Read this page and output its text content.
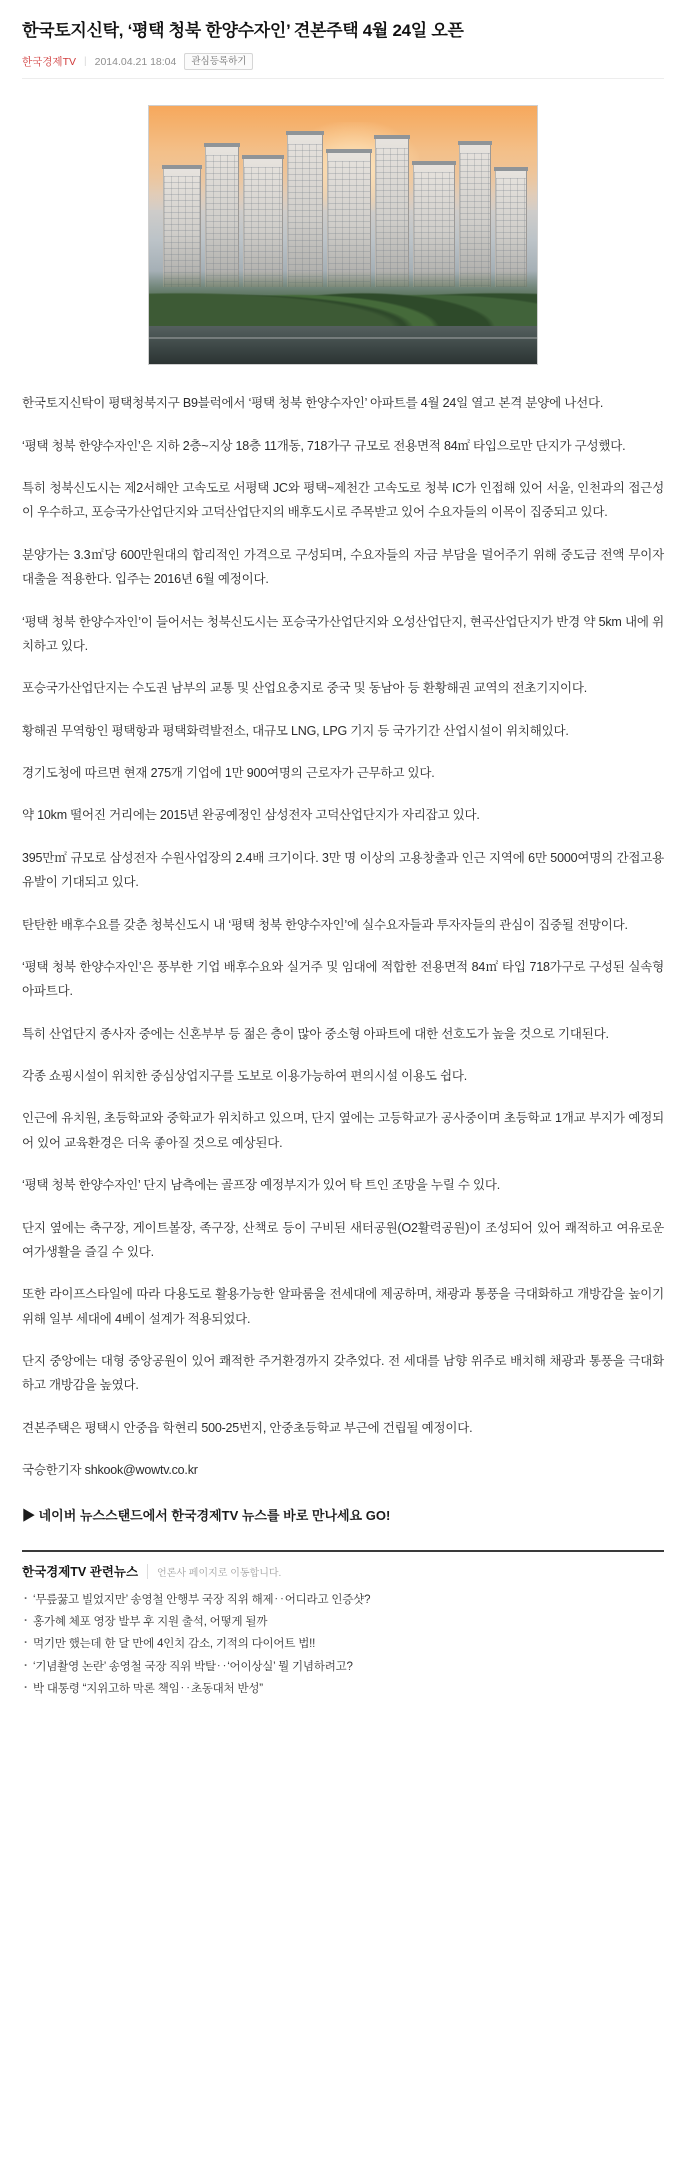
한국토지신탁, ‘평택 청북 한양수자인’ 견본주택 4월 24일 오픈
한국경제TV | 2014.04.21 18:04	관심등록하기

한국토지신탁이 평택청북지구 B9블럭에서 ‘평택 청북 한양수자인’ 아파트를 4월 24일 열고 본격 분양에 나선다.

‘평택 청북 한양수자인’은 지하 2층~지상 18층 11개동, 718가구 규모로 전용면적 84㎡ 타입으로만 단지가 구성했다.

특히 청북신도시는 제2서해안 고속도로 서평택 JC와 평택~제천간 고속도로 청북 IC가 인접해 있어 서울, 인천과의 접근성이 우수하고, 포승국가산업단지와 고덕산업단지의 배후도시로 주목받고 있어 수요자들의 이목이 집중되고 있다.

분양가는 3.3㎡당 600만원대의 합리적인 가격으로 구성되며, 수요자들의 자금 부담을 덜어주기 위해 중도금 전액 무이자 대출을 적용한다. 입주는 2016년 6월 예정이다.

‘평택 청북 한양수자인’이 들어서는 청북신도시는 포승국가산업단지와 오성산업단지, 현곡산업단지가 반경 약 5km 내에 위치하고 있다.

포승국가산업단지는 수도권 남부의 교통 및 산업요충지로 중국 및 동남아 등 환황해권 교역의 전초기지이다.

황해권 무역항인 평택항과 평택화력발전소, 대규모 LNG, LPG 기지 등 국가기간 산업시설이 위치해있다.

경기도청에 따르면 현재 275개 기업에 1만 900여명의 근로자가 근무하고 있다.

약 10km 떨어진 거리에는 2015년 완공예정인 삼성전자 고덕산업단지가 자리잡고 있다.

395만㎡ 규모로 삼성전자 수원사업장의 2.4배 크기이다. 3만 명 이상의 고용창출과 인근 지역에 6만 5000여명의 간접고용 유발이 기대되고 있다.

탄탄한 배후수요를 갖춘 청북신도시 내 ‘평택 청북 한양수자인’에 실수요자들과 투자자들의 관심이 집중될 전망이다.

‘평택 청북 한양수자인’은 풍부한 기업 배후수요와 실거주 및 임대에 적합한 전용면적 84㎡ 타입 718가구로 구성된 실속형 아파트다.

특히 산업단지 종사자 중에는 신혼부부 등 젊은 층이 많아 중소형 아파트에 대한 선호도가 높을 것으로 기대된다.

각종 쇼핑시설이 위치한 중심상업지구를 도보로 이용가능하여 편의시설 이용도 쉽다.

인근에 유치원, 초등학교와 중학교가 위치하고 있으며, 단지 옆에는 고등학교가 공사중이며 초등학교 1개교 부지가 예정되어 있어 교육환경은 더욱 좋아질 것으로 예상된다.

‘평택 청북 한양수자인’ 단지 남측에는 골프장 예정부지가 있어 탁 트인 조망을 누릴 수 있다.

단지 옆에는 축구장, 게이트볼장, 족구장, 산책로 등이 구비된 새터공원(O2활력공원)이 조성되어 있어 쾌적하고 여유로운 여가생활을 즐길 수 있다.

또한 라이프스타일에 따라 다용도로 활용가능한 알파룸을 전세대에 제공하며, 채광과 통풍을 극대화하고 개방감을 높이기 위해 일부 세대에 4베이 설계가 적용되었다.

단지 중앙에는 대형 중앙공원이 있어 쾌적한 주거환경까지 갖추었다. 전 세대를 남향 위주로 배치해 채광과 통풍을 극대화하고 개방감을 높였다.

견본주택은 평택시 안중읍 학현리 500-25번지, 안중초등학교 부근에 건립될 예정이다.

국승한기자 shkook@wowtv.co.kr

▶ 네이버 뉴스스탠드에서 한국경제TV 뉴스를 바로 만나세요 GO!

한국경제TV 관련뉴스	언론사 페이지로 이동합니다.
· ‘무릎꿇고 빌었지만’ 송영철 안행부 국장 직위 해제‥어디라고 인증샷?
· 홍가혜 체포 영장 발부 후 지원 출석, 어떻게 될까
· 먹기만 했는데 한 달 만에 4인치 감소, 기적의 다이어트 법!!
· ‘기념촬영 논란’ 송영철 국장 직위 박탈‥‘어이상실’ 뭘 기념하려고?
· 박 대통령 “지위고하 막론 책임‥초동대처 반성”
